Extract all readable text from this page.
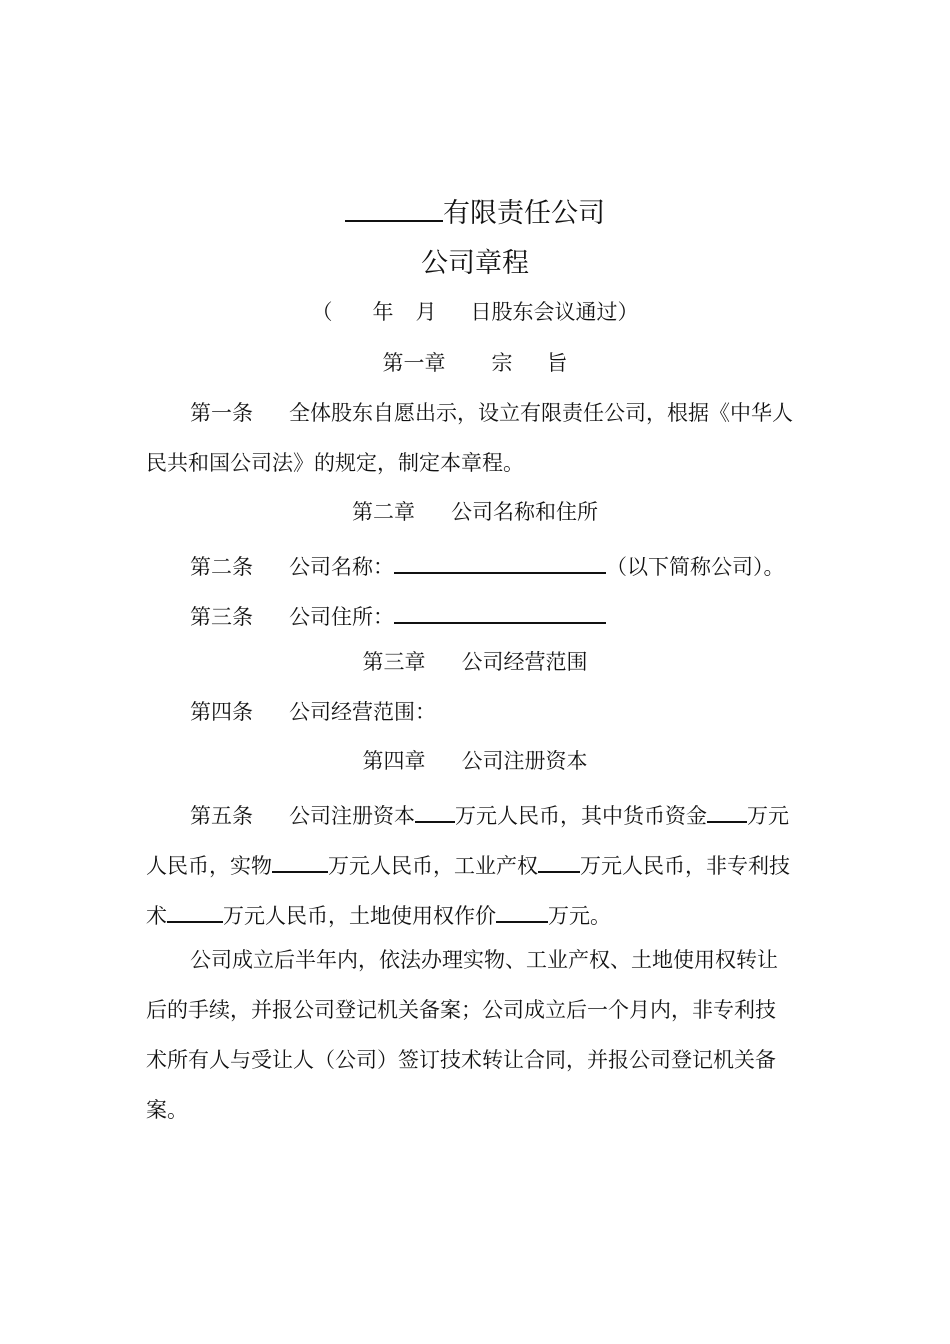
有限责任公司
公司章程
（ 年 月 日股东会议通过）
第一章 宗 旨
第一条 全体股东自愿出示，设立有限责任公司，根据《中华人
民共和国公司法》的规定，制定本章程。
第二章 公司名称和住所
第二条 公司名称：	（以下简称公司）。
第三条 公司住所：
第三章 公司经营范围
第四条 公司经营范围：
第四章 公司注册资本
第五条 公司注册资本 万元人民币，其中货币资金 万元
人民币，实物	万元人民币，工业产权 万元人民币，非专利技
术	万元人民币，土地使用权作价 万元。
公司成立后半年内，依法办理实物、工业产权、土地使用权转让
后的手续，并报公司登记机关备案；公司成立后一个月内，非专利技
术所有人与受让人（公司）签订技术转让合同，并报公司登记机关备
案。
